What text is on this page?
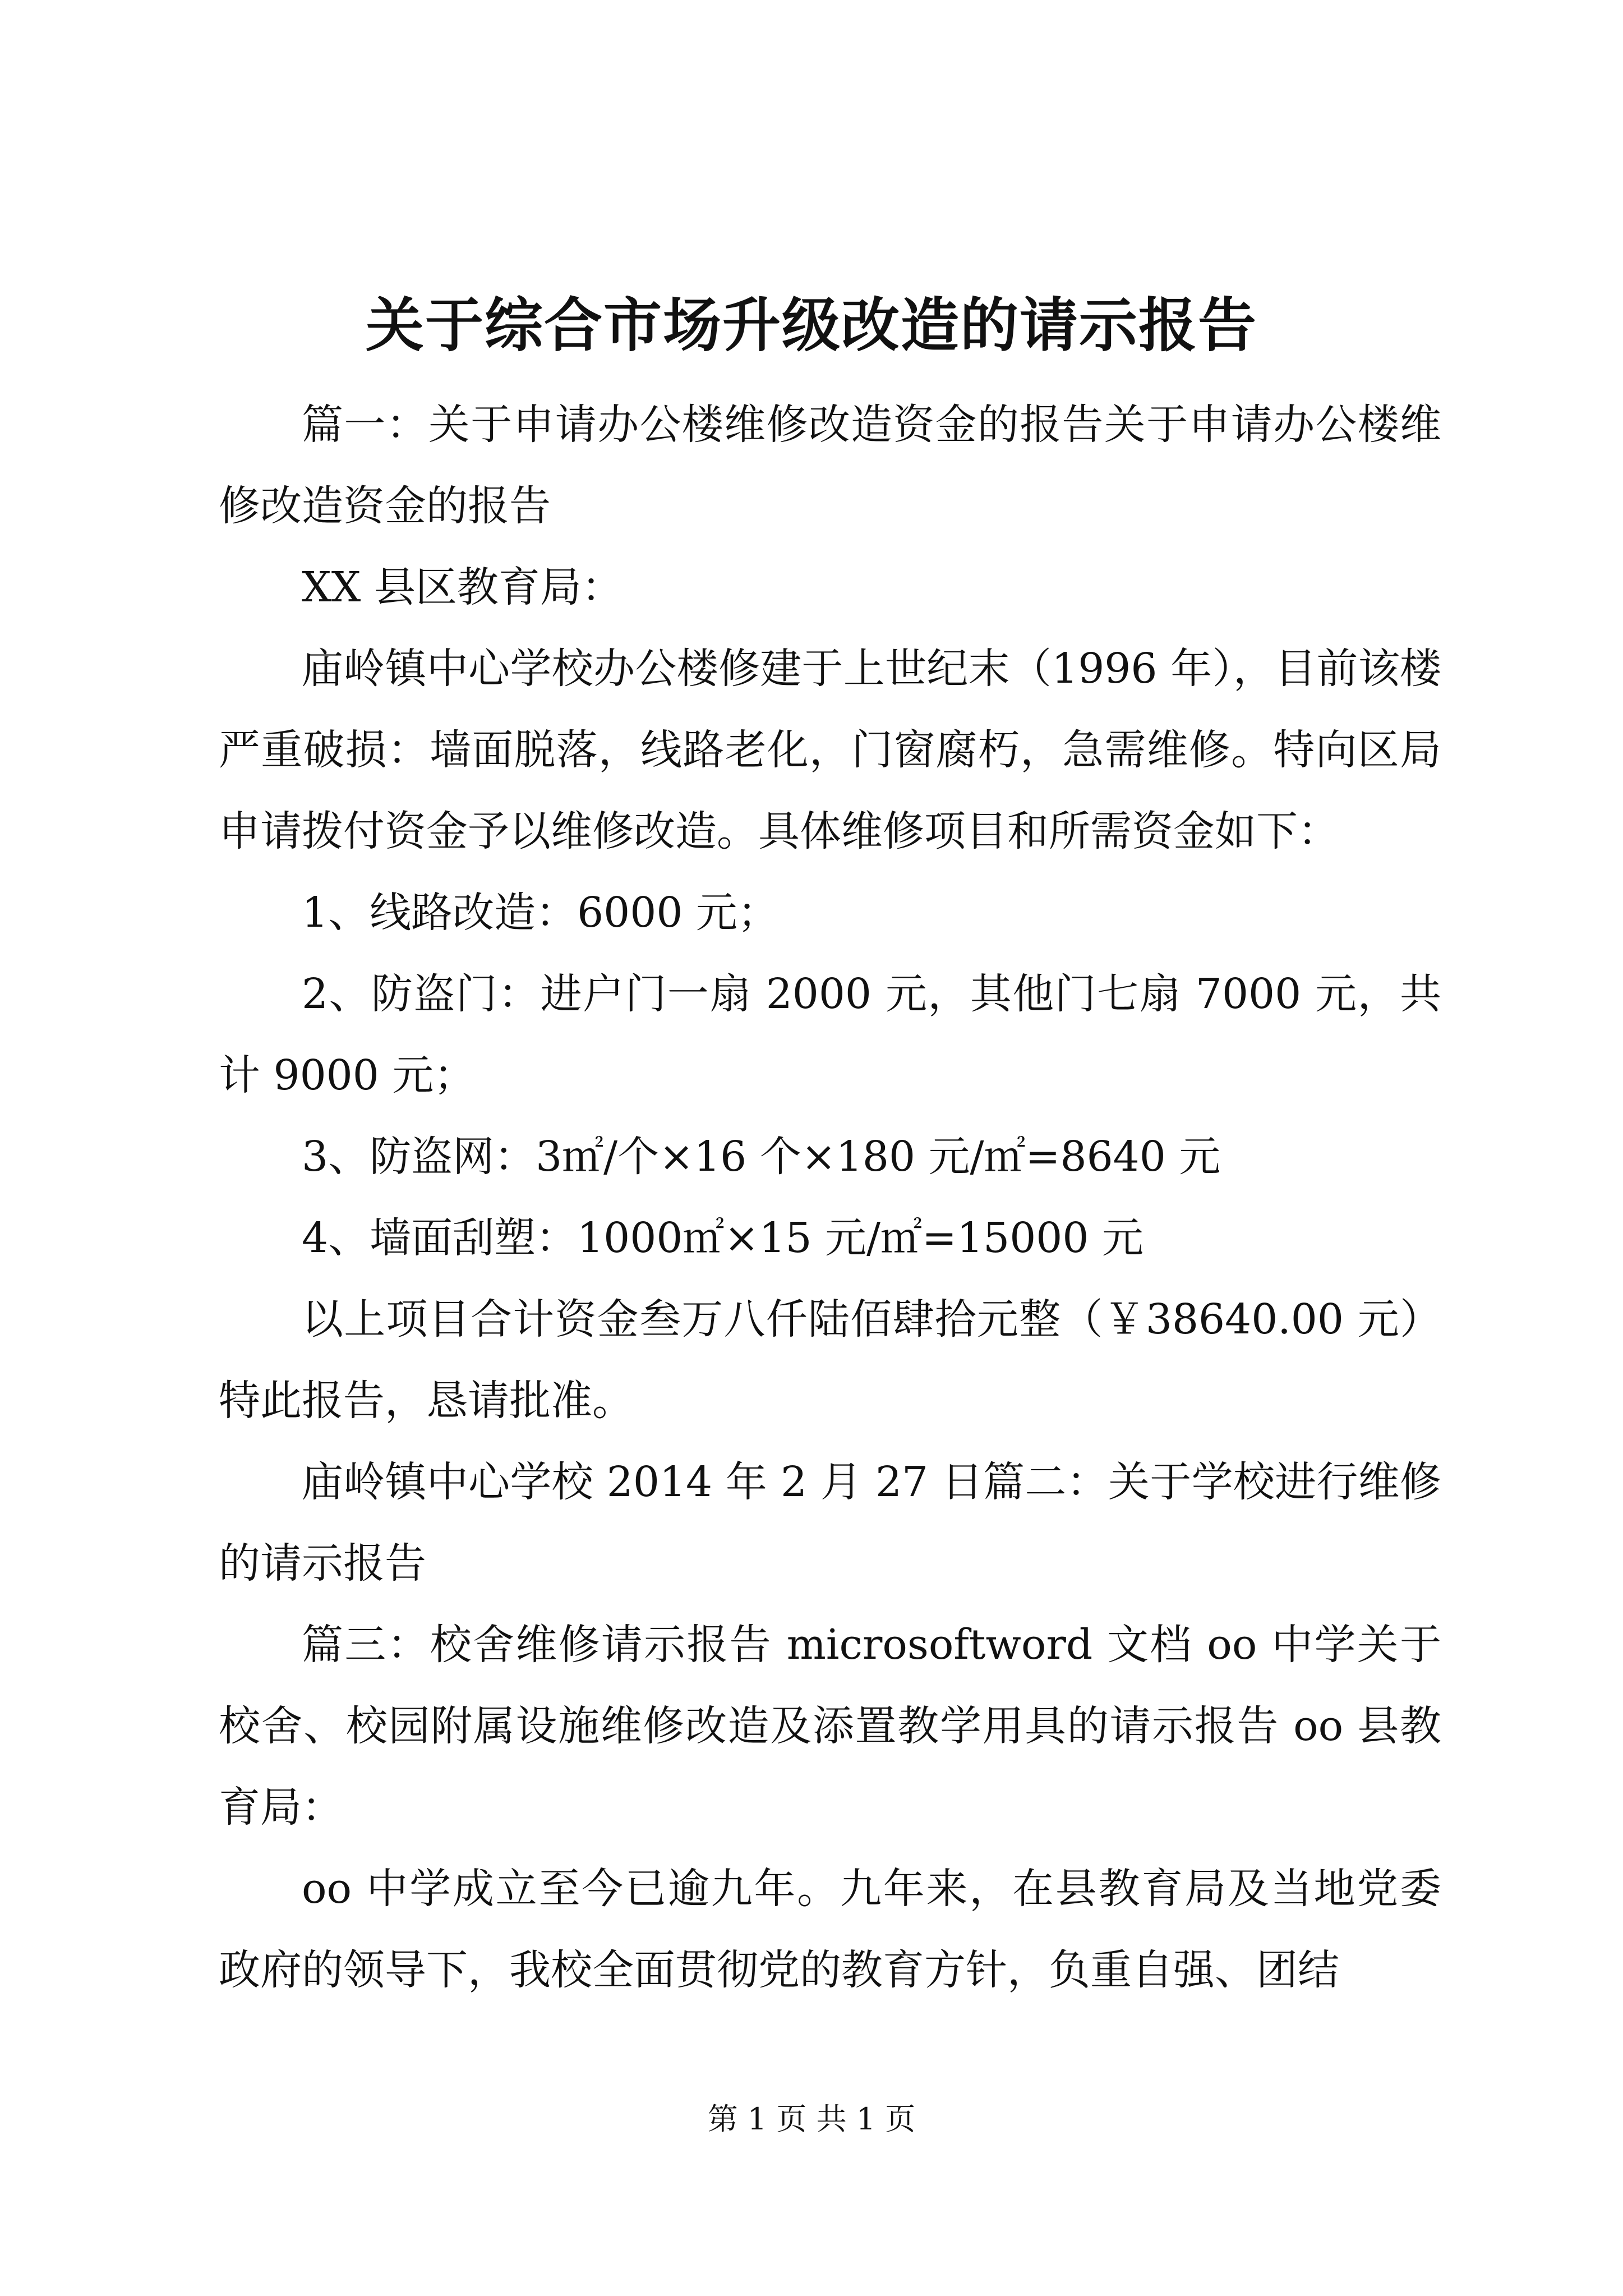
关于综合市场升级改造的请示报告

篇一：关于申请办公楼维修改造资金的报告关于申请办公楼维修改造资金的报告

XX 县区教育局：

庙岭镇中心学校办公楼修建于上世纪末（1996 年），目前该楼严重破损：墙面脱落，线路老化，门窗腐朽，急需维修。特向区局申请拨付资金予以维修改造。具体维修项目和所需资金如下：

1、线路改造：6000 元；

2、防盗门：进户门一扇 2000 元，其他门七扇 7000 元，共计 9000 元；

3、防盗网：3㎡/个×16 个×180 元/㎡=8640 元

4、墙面刮塑：1000㎡×15 元/㎡=15000 元

以上项目合计资金叁万八仟陆佰肆拾元整（￥38640.00 元）特此报告，恳请批准。

庙岭镇中心学校 2014 年 2 月 27 日篇二：关于学校进行维修的请示报告

篇三：校舍维修请示报告 microsoftword 文档 oo 中学关于校舍、校园附属设施维修改造及添置教学用具的请示报告 oo 县教育局：

oo 中学成立至今已逾九年。九年来，在县教育局及当地党委政府的领导下，我校全面贯彻党的教育方针，负重自强、团结

第 1 页 共 1 页
